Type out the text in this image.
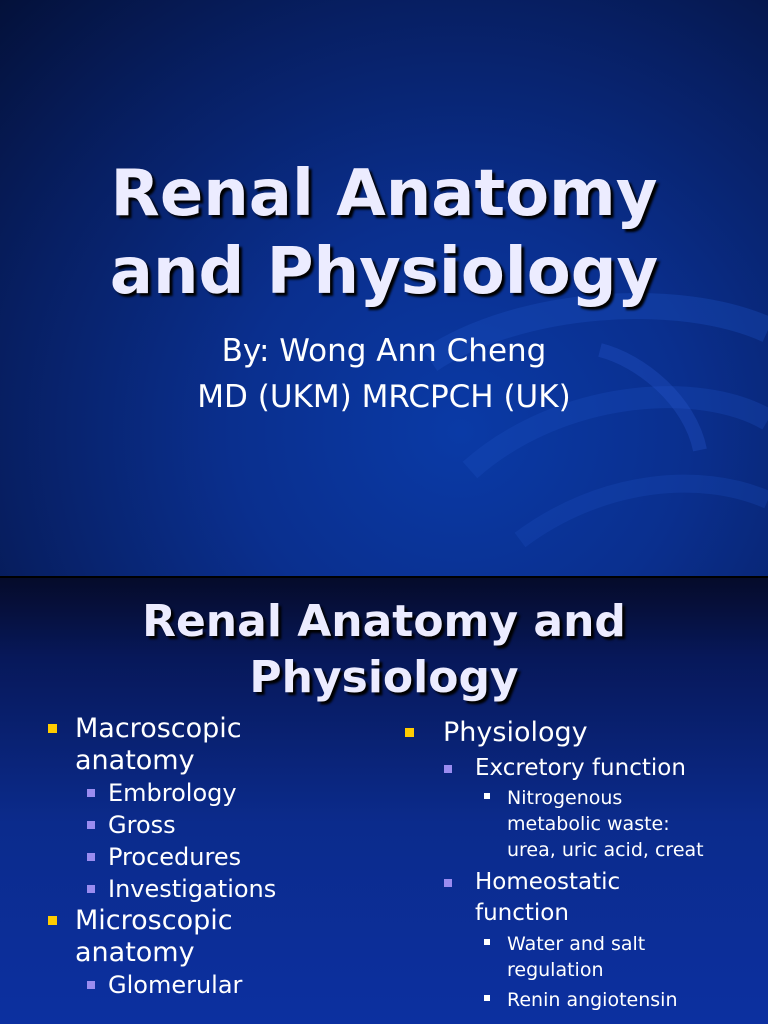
Renal Anatomy
and Physiology
By: Wong Ann Cheng
MD (UKM) MRCPCH (UK)
Renal Anatomy and
Physiology
Macroscopic
anatomy
Embrology
Gross
Procedures
Investigations
Microscopic
anatomy
Glomerular
Physiology
Excretory function
Nitrogenous
metabolic waste:
urea, uric acid, creat
Homeostatic
function
Water and salt
regulation
Renin angiotensin
